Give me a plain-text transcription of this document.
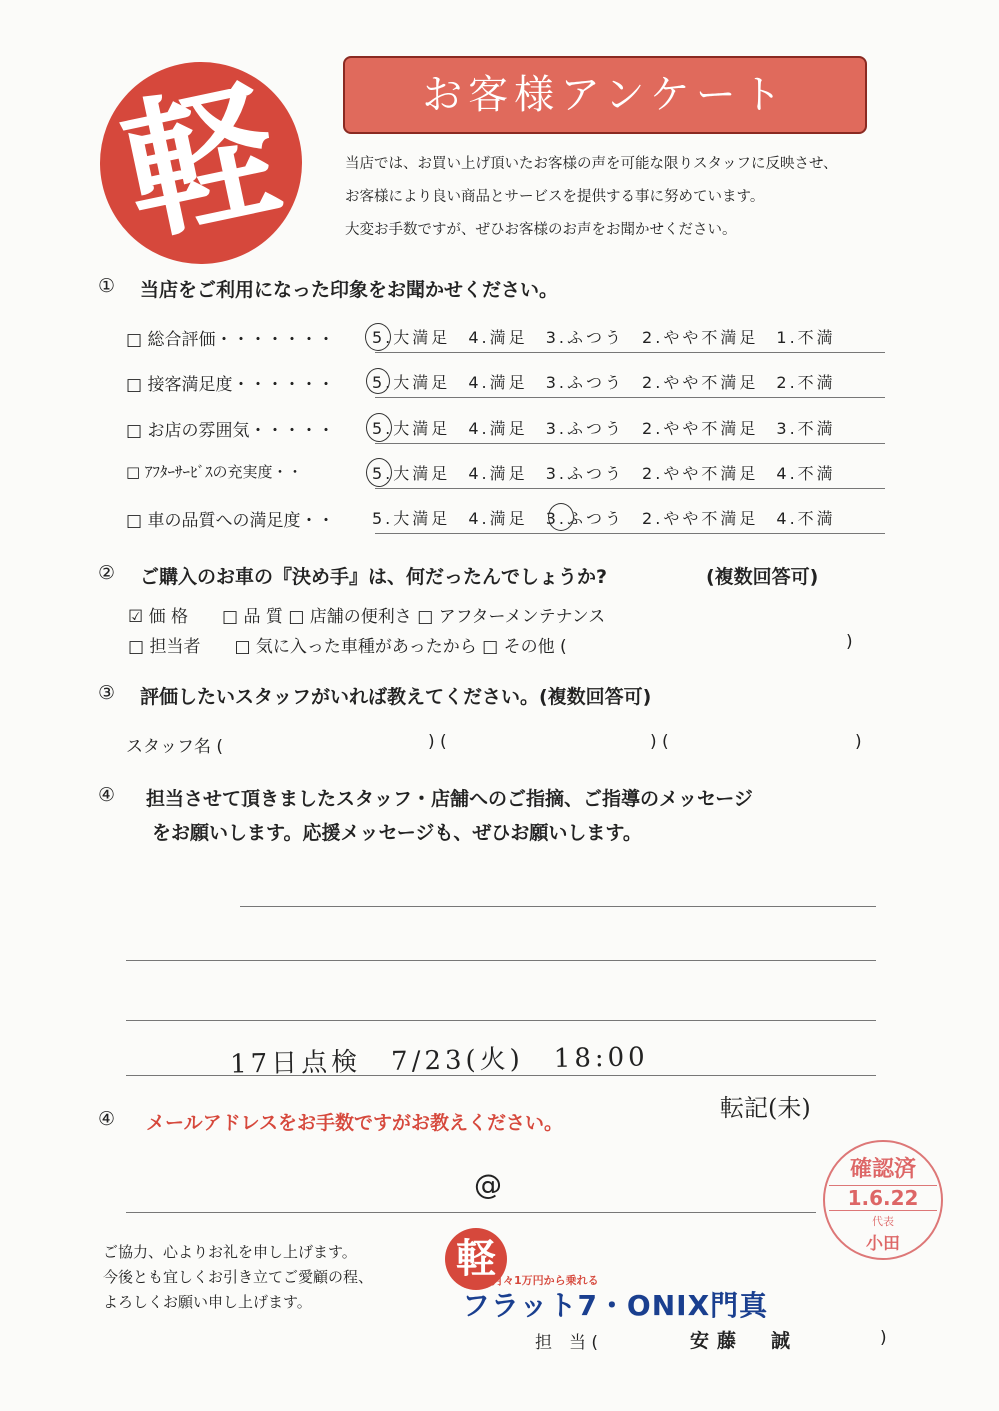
軽	お客様アンケート
当店では、お買い上げ頂いたお客様の声を可能な限りスタッフに反映させ、
お客様により良い商品とサービスを提供する事に努めています。
大変お手数ですが、ぜひお客様のお声をお聞かせください。
① 当店をご利用になった印象をお聞かせください。
□ 総合評価・・・・・・・ 5.大満足 4.満足 3.ふつう 2.やや不満足 1.不満
□ 接客満足度・・・・・・ 5.大満足 4.満足 3.ふつう 2.やや不満足 2.不満
□ お店の雰囲気・・・・・ 5.大満足 4.満足 3.ふつう 2.やや不満足 3.不満
□ ｱﾌﾀｰｻｰﾋﾞｽの充実度・・	5.大満足 4.満足 3.ふつう 2.やや不満足 4.不満
□ 車の品質への満足度・・ 5.大満足 4.満足 3.ふつう 2.やや不満足 4.不満
② ご購入のお車の『決め手』は、何だったんでしょうか?	(複数回答可)
☑ 価 格　　□ 品 質 □ 店舗の便利さ □ アフターメンテナンス
□ 担当者　　□ 気に入った車種があったから □ その他 (	)
③ 評価したいスタッフがいれば教えてください。(複数回答可)
スタッフ名 (	) (	) (	)
④ 担当させて頂きましたスタッフ・店舗へのご指摘、ご指導のメッセージ
をお願いします。応援メッセージも、ぜひお願いします。
17日点検　7/23(火)　18:00
転記(未)
④ メールアドレスをお手数ですがお教えください。
@	確認済
1.6.22
代表
小田
ご協力、心よりお礼を申し上げます。
今後とも宜しくお引き立てご愛顧の程、
よろしくお願い申し上げます。
軽
月々1万円から乗れる
フラット7・ONIX門真
担　当 (	安藤　誠	)
